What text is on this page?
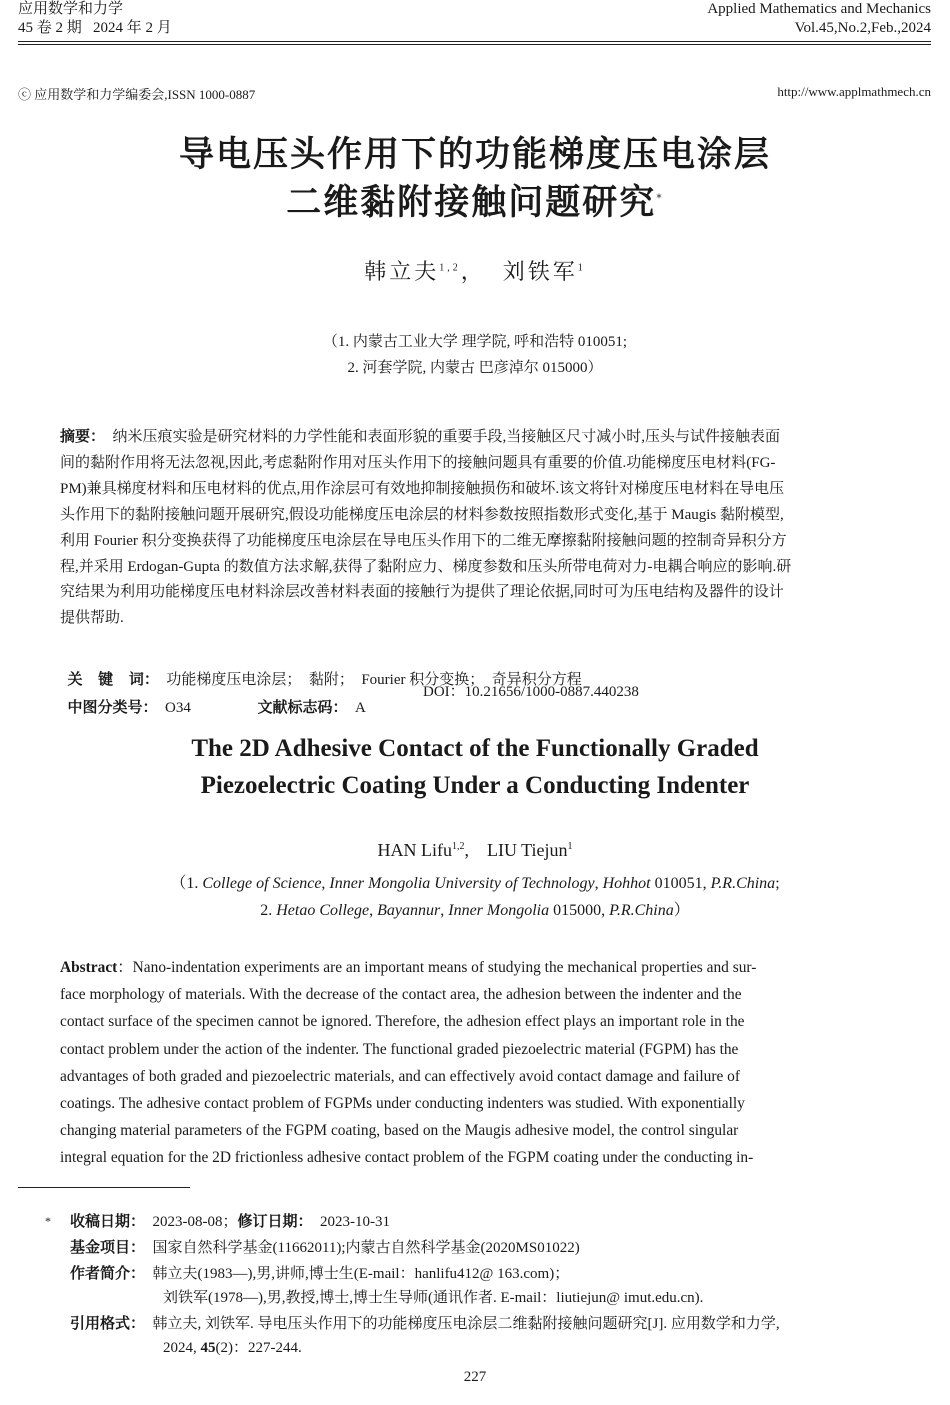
应用数学和力学
45 卷 2 期   2024 年 2 月
Applied Mathematics and Mechanics
Vol.45,No.2,Feb.,2024
ⓒ 应用数学和力学编委会,ISSN 1000-0887	http://www.applmathmech.cn
导电压头作用下的功能梯度压电涂层
二维黏附接触问题研究*
韩立夫$^{1,2}$， 刘铁军$^1$
（1. 内蒙古工业大学 理学院, 呼和浩特 010051;
2. 河套学院, 内蒙古 巴彦淖尔 015000）
摘要： 纳米压痕实验是研究材料的力学性能和表面形貌的重要手段,当接触区尺寸减小时,压头与试件接触表面
间的黏附作用将无法忽视,因此,考虑黏附作用对压头作用下的接触问题具有重要的价值.功能梯度压电材料(FG-
PM)兼具梯度材料和压电材料的优点,用作涂层可有效地抑制接触损伤和破坏.该文将针对梯度压电材料在导电压
头作用下的黏附接触问题开展研究,假设功能梯度压电涂层的材料参数按照指数形式变化,基于 Maugis 黏附模型,
利用 Fourier 积分变换获得了功能梯度压电涂层在导电压头作用下的二维无摩擦黏附接触问题的控制奇异积分方
程,并采用 Erdogan-Gupta 的数值方法求解,获得了黏附应力、梯度参数和压头所带电荷对力-电耦合响应的影响.研
究结果为利用功能梯度压电材料涂层改善材料表面的接触行为提供了理论依据,同时可为压电结构及器件的设计
提供帮助.

关   键   词： 功能梯度压电涂层；  黏附；  Fourier 积分变换；  奇异积分方程

中图分类号： O34	文献标志码： A

DOI：10.21656/1000-0887.440238
The 2D Adhesive Contact of the Functionally Graded
Piezoelectric Coating Under a Conducting Indenter
HAN Lifu$^{1,2}$, LIU Tiejun$^1$
（1. College of Science, Inner Mongolia University of Technology, Hohhot 010051, P.R.China;
2. Hetao College, Bayannur, Inner Mongolia 015000, P.R.China）
Abstract：Nano-indentation experiments are an important means of studying the mechanical properties and sur-
face morphology of materials. With the decrease of the contact area, the adhesion between the indenter and the
contact surface of the specimen cannot be ignored. Therefore, the adhesion effect plays an important role in the
contact problem under the action of the indenter. The functional graded piezoelectric material (FGPM) has the
advantages of both graded and piezoelectric materials, and can effectively avoid contact damage and failure of
coatings. The adhesive contact problem of FGPMs under conducting indenters was studied. With exponentially
changing material parameters of the FGPM coating, based on the Maugis adhesive model, the control singular
integral equation for the 2D frictionless adhesive contact problem of the FGPM coating under the conducting in-
* 收稿日期： 2023-08-08；修订日期： 2023-10-31
基金项目： 国家自然科学基金(11662011);内蒙古自然科学基金(2020MS01022)
作者简介： 韩立夫(1983—),男,讲师,博士生(E-mail：hanlifu412@ 163.com)；
刘铁军(1978—),男,教授,博士,博士生导师(通讯作者. E-mail：liutiejun@ imut.edu.cn).
引用格式： 韩立夫, 刘铁军. 导电压头作用下的功能梯度压电涂层二维黏附接触问题研究[J]. 应用数学和力学,
2024, 45(2)：227-244.
227
